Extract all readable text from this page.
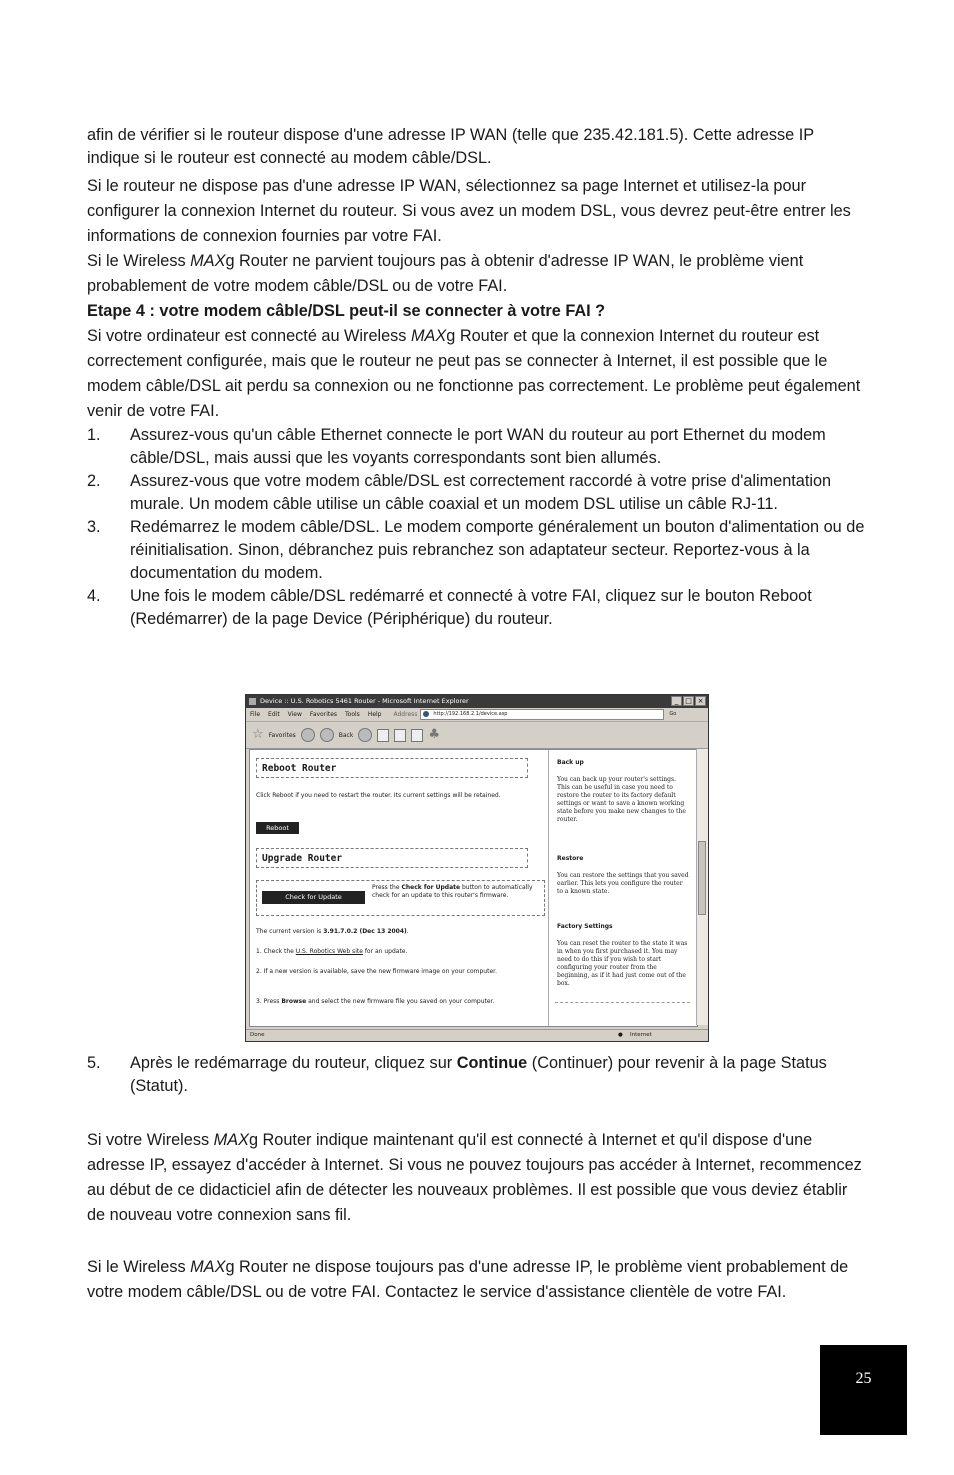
afin de vérifier si le routeur dispose d'une adresse IP WAN (telle que 235.42.181.5). Cette adresse IP indique si le routeur est connecté au modem câble/DSL.

Si le routeur ne dispose pas d'une adresse IP WAN, sélectionnez sa page Internet et utilisez-la pour configurer la connexion Internet du routeur. Si vous avez un modem DSL, vous devrez peut-être entrer les informations de connexion fournies par votre FAI.

Si le Wireless MAXg Router ne parvient toujours pas à obtenir d'adresse IP WAN, le problème vient probablement de votre modem câble/DSL ou de votre FAI.

Etape 4 : votre modem câble/DSL peut-il se connecter à votre FAI ?

Si votre ordinateur est connecté au Wireless MAXg Router et que la connexion Internet du routeur est correctement configurée, mais que le routeur ne peut pas se connecter à Internet, il est possible que le modem câble/DSL ait perdu sa connexion ou ne fonctionne pas correctement. Le problème peut également venir de votre FAI.

1. Assurez-vous qu'un câble Ethernet connecte le port WAN du routeur au port Ethernet du modem câble/DSL, mais aussi que les voyants correspondants sont bien allumés.
2. Assurez-vous que votre modem câble/DSL est correctement raccordé à votre prise d'alimentation murale. Un modem câble utilise un câble coaxial et un modem DSL utilise un câble RJ-11.
3. Redémarrez le modem câble/DSL. Le modem comporte généralement un bouton d'alimentation ou de réinitialisation. Sinon, débranchez puis rebranchez son adaptateur secteur. Reportez-vous à la documentation du modem.
4. Une fois le modem câble/DSL redémarré et connecté à votre FAI, cliquez sur le bouton Reboot (Redémarrer) de la page Device (Périphérique) du routeur.
Device :: U.S. Robotics 5461 Router - Microsoft Internet Explorer	_ □ ×
File	Edit	View	Favorites	Tools	Help	Address	http://192.168.2.1/device.asp	Go
☆ Favorites	Back	♣
Reboot Router
Click Reboot if you need to restart the router. Its current settings will be retained.
Reboot
Upgrade Router
Check for Update
Press the Check for Update button to automatically check for an update to this router's firmware.
The current version is 3.91.7.0.2 (Dec 13 2004).
1. Check the U.S. Robotics Web site for an update.
2. If a new version is available, save the new firmware image on your computer.
3. Press Browse and select the new firmware file you saved on your computer.
Back up
You can back up your router's settings. This can be useful in case you need to restore the router to its factory default settings or want to save a known working state before you make new changes to the router.
Restore
You can restore the settings that you saved earlier. This lets you configure the router to a known state.
Factory Settings
You can reset the router to the state it was in when you first purchased it. You may need to do this if you wish to start configuring your router from the beginning, as if it had just come out of the box.
Done	● Internet
5. Après le redémarrage du routeur, cliquez sur Continue (Continuer) pour revenir à la page Status (Statut).

Si votre Wireless MAXg Router indique maintenant qu'il est connecté à Internet et qu'il dispose d'une adresse IP, essayez d'accéder à Internet. Si vous ne pouvez toujours pas accéder à Internet, recommencez au début de ce didacticiel afin de détecter les nouveaux problèmes. Il est possible que vous deviez établir de nouveau votre connexion sans fil.

Si le Wireless MAXg Router ne dispose toujours pas d'une adresse IP, le problème vient probablement de votre modem câble/DSL ou de votre FAI. Contactez le service d'assistance clientèle de votre FAI.

25
